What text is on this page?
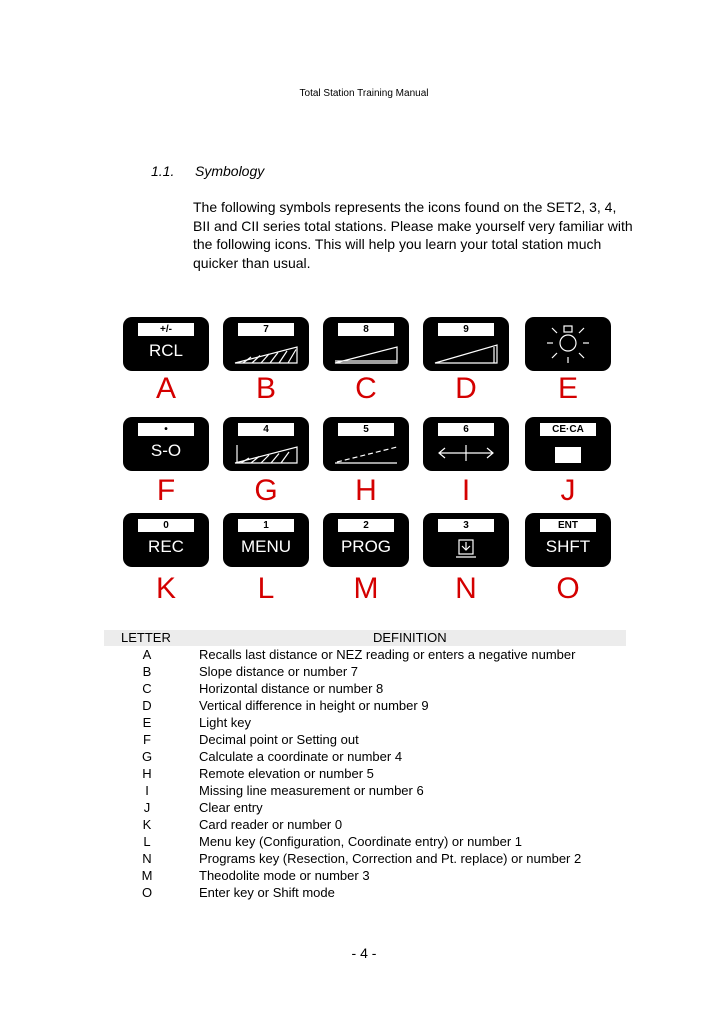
Total Station Training Manual
1.1. Symbology
The following symbols represents the icons found on the SET2, 3, 4, BII and CII series total stations. Please make yourself very familiar with the following icons. This will help you learn your total station much quicker than usual.
+/-
RCL
A
7
B
8
C
9
D	E
•
S-O
F
4
G
5
H
6
I
CE·CA
J
0
REC
K
1
MENU
L
2
PROG
M
3
N
ENT
SHFT
O
LETTER	DEFINITION
A	Recalls last distance or NEZ reading or enters a negative number
B	Slope distance or number 7
C	Horizontal distance or number 8
D	Vertical difference in height or number 9
E	Light key
F	Decimal point or Setting out
G	Calculate a coordinate or number 4
H	Remote elevation or number 5
I	Missing line measurement or number 6
J	Clear entry
K	Card reader or number 0
L	Menu key (Configuration, Coordinate entry) or number 1
N	Programs key (Resection, Correction and Pt. replace) or number 2
M	Theodolite mode or number 3
O	Enter key or Shift mode
- 4 -
